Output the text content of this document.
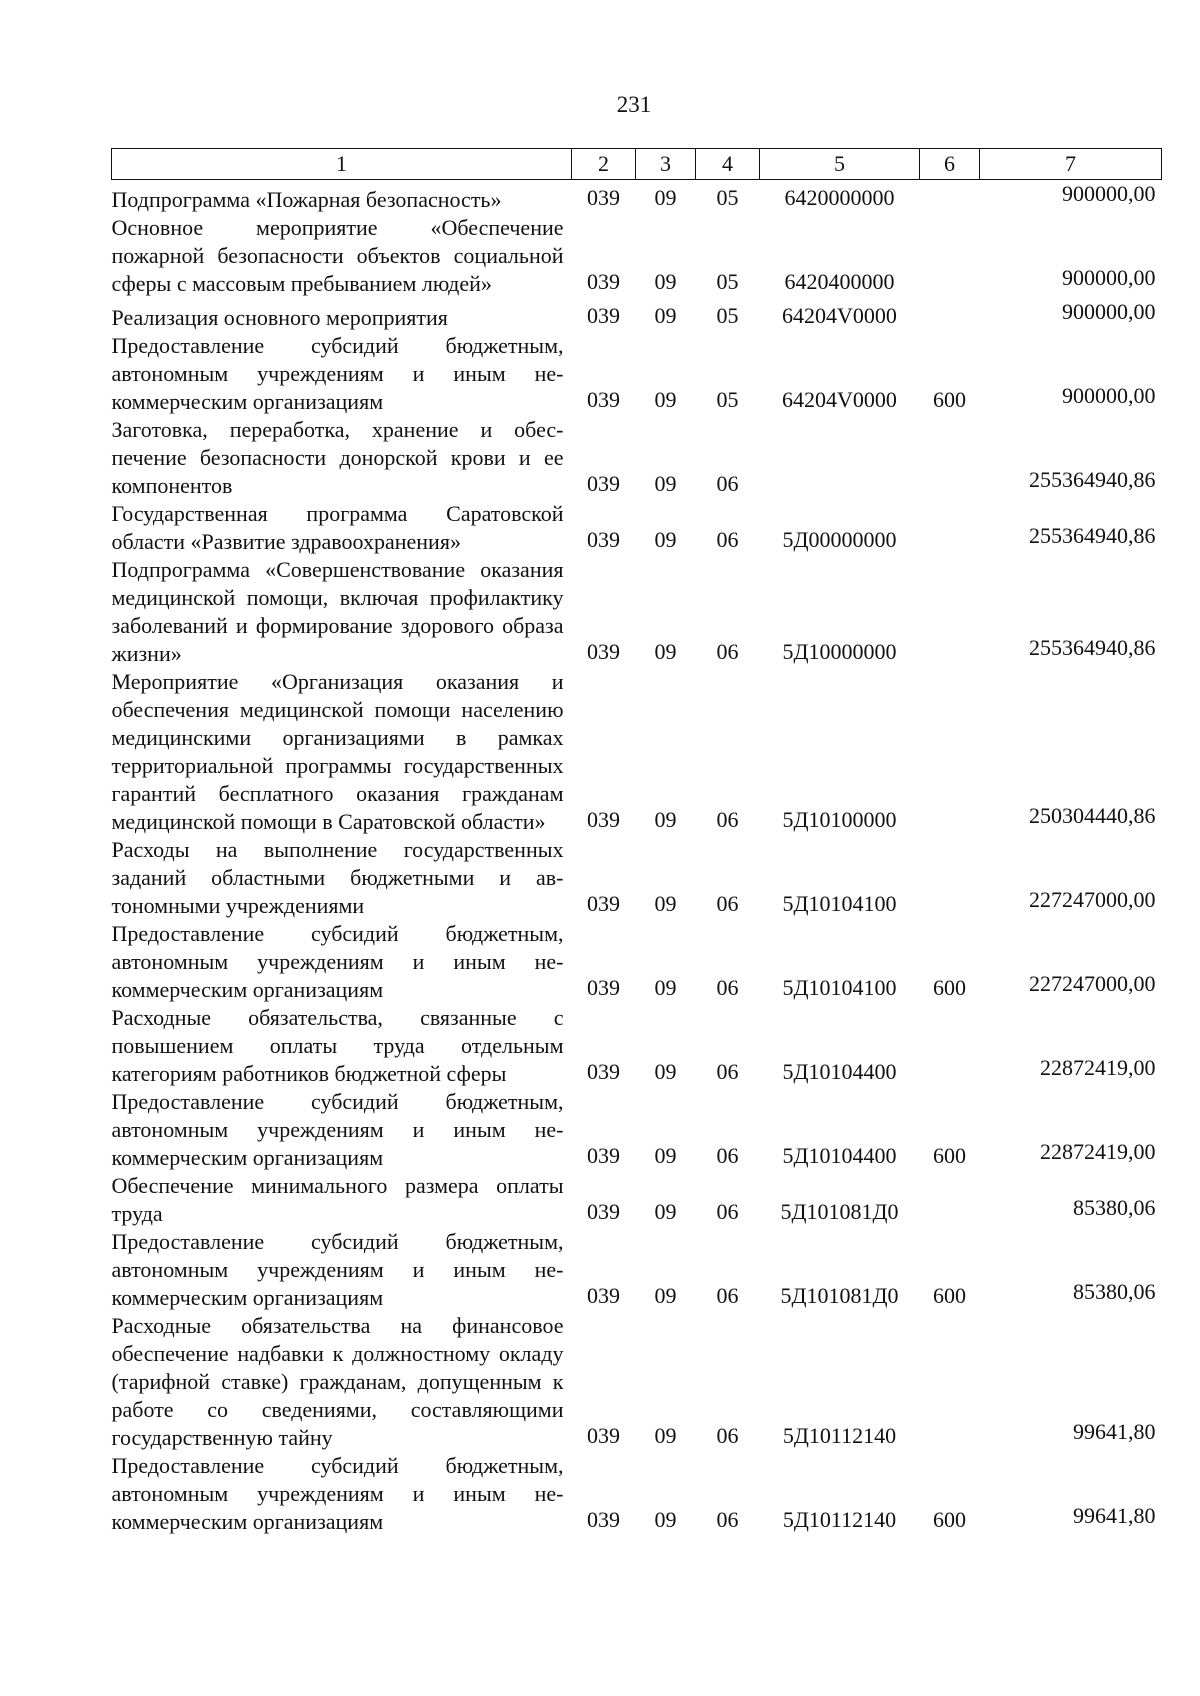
231
1	2	3	4	5	6	7
Подпрограмма «Пожарная безопасность»	039	09	05	6420000000		900000,00
Основное мероприятие «Обеспечение пожарной безопасности объектов социальной сферы с массовым пребыванием людей»	039	09	05	6420400000		900000,00
Реализация основного мероприятия	039	09	05	64204V0000		900000,00
Предоставление субсидий бюджетным, автономным учреждениям и иным некоммерческим организациям	039	09	05	64204V0000	600	900000,00
Заготовка, переработка, хранение и обеспечение безопасности донорской крови и ее компонентов	039	09	06			255364940,86
Государственная программа Саратовской области «Развитие здравоохранения»	039	09	06	5Д00000000		255364940,86
Подпрограмма «Совершенствование оказания медицинской помощи, включая профилактику заболеваний и формирование здорового образа жизни»	039	09	06	5Д10000000		255364940,86
Мероприятие «Организация оказания и обеспечения медицинской помощи населению медицинскими организациями в рамках территориальной программы государственных гарантий бесплатного оказания гражданам медицинской помощи в Саратовской области»	039	09	06	5Д10100000		250304440,86
Расходы на выполнение государственных заданий областными бюджетными и автономными учреждениями	039	09	06	5Д10104100		227247000,00
Предоставление субсидий бюджетным, автономным учреждениям и иным некоммерческим организациям	039	09	06	5Д10104100	600	227247000,00
Расходные обязательства, связанные с повышением оплаты труда отдельным категориям работников бюджетной сферы	039	09	06	5Д10104400		22872419,00
Предоставление субсидий бюджетным, автономным учреждениям и иным некоммерческим организациям	039	09	06	5Д10104400	600	22872419,00
Обеспечение минимального размера оплаты труда	039	09	06	5Д101081Д0		85380,06
Предоставление субсидий бюджетным, автономным учреждениям и иным некоммерческим организациям	039	09	06	5Д101081Д0	600	85380,06
Расходные обязательства на финансовое обеспечение надбавки к должностному окладу (тарифной ставке) гражданам, допущенным к работе со сведениями, составляющими государственную тайну	039	09	06	5Д10112140		99641,80
Предоставление субсидий бюджетным, автономным учреждениям и иным некоммерческим организациям	039	09	06	5Д10112140	600	99641,80
